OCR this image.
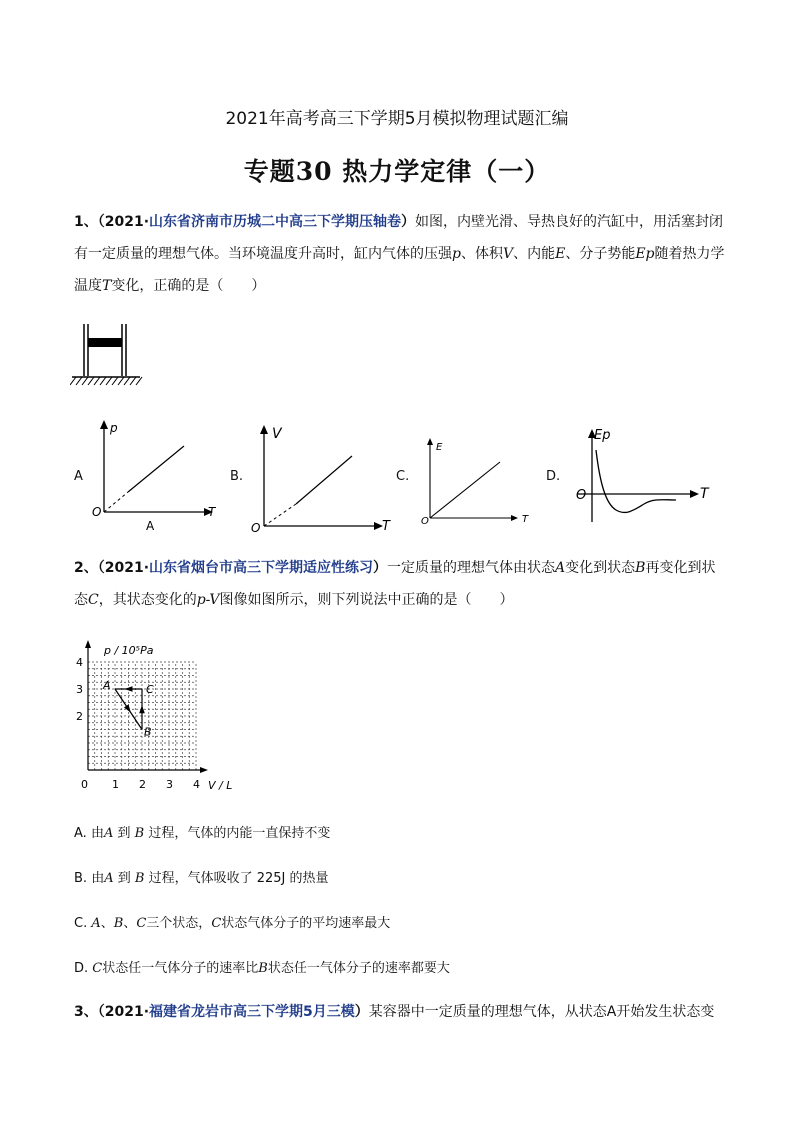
2021年高考高三下学期5月模拟物理试题汇编
专题30 热力学定律（一）
1、（2021·山东省济南市历城二中高三下学期压轴卷）如图，内壁光滑、导热良好的汽缸中，用活塞封闭有一定质量的理想气体。当环境温度升高时，缸内气体的压强p、体积V、内能E、分子势能Ep随着热力学温度T变化，正确的是（　　）
A
p
O	T
A
B.
V
O	T
C.
E
O	T
D.
Ep
O	T
2、（2021·山东省烟台市高三下学期适应性练习）一定质量的理想气体由状态A变化到状态B再变化到状态C，其状态变化的p-V图像如图所示，则下列说法中正确的是（　　）
0 1 2 3 4
2
3
4
A
B
C
p / 10⁵Pa
V / L
A. 由A 到 B 过程，气体的内能一直保持不变
B. 由A 到 B 过程，气体吸收了 225J 的热量
C. A、B、C三个状态，C状态气体分子的平均速率最大
D. C状态任一气体分子的速率比B状态任一气体分子的速率都要大
3、（2021·福建省龙岩市高三下学期5月三模）某容器中一定质量的理想气体，从状态A开始发生状态变
